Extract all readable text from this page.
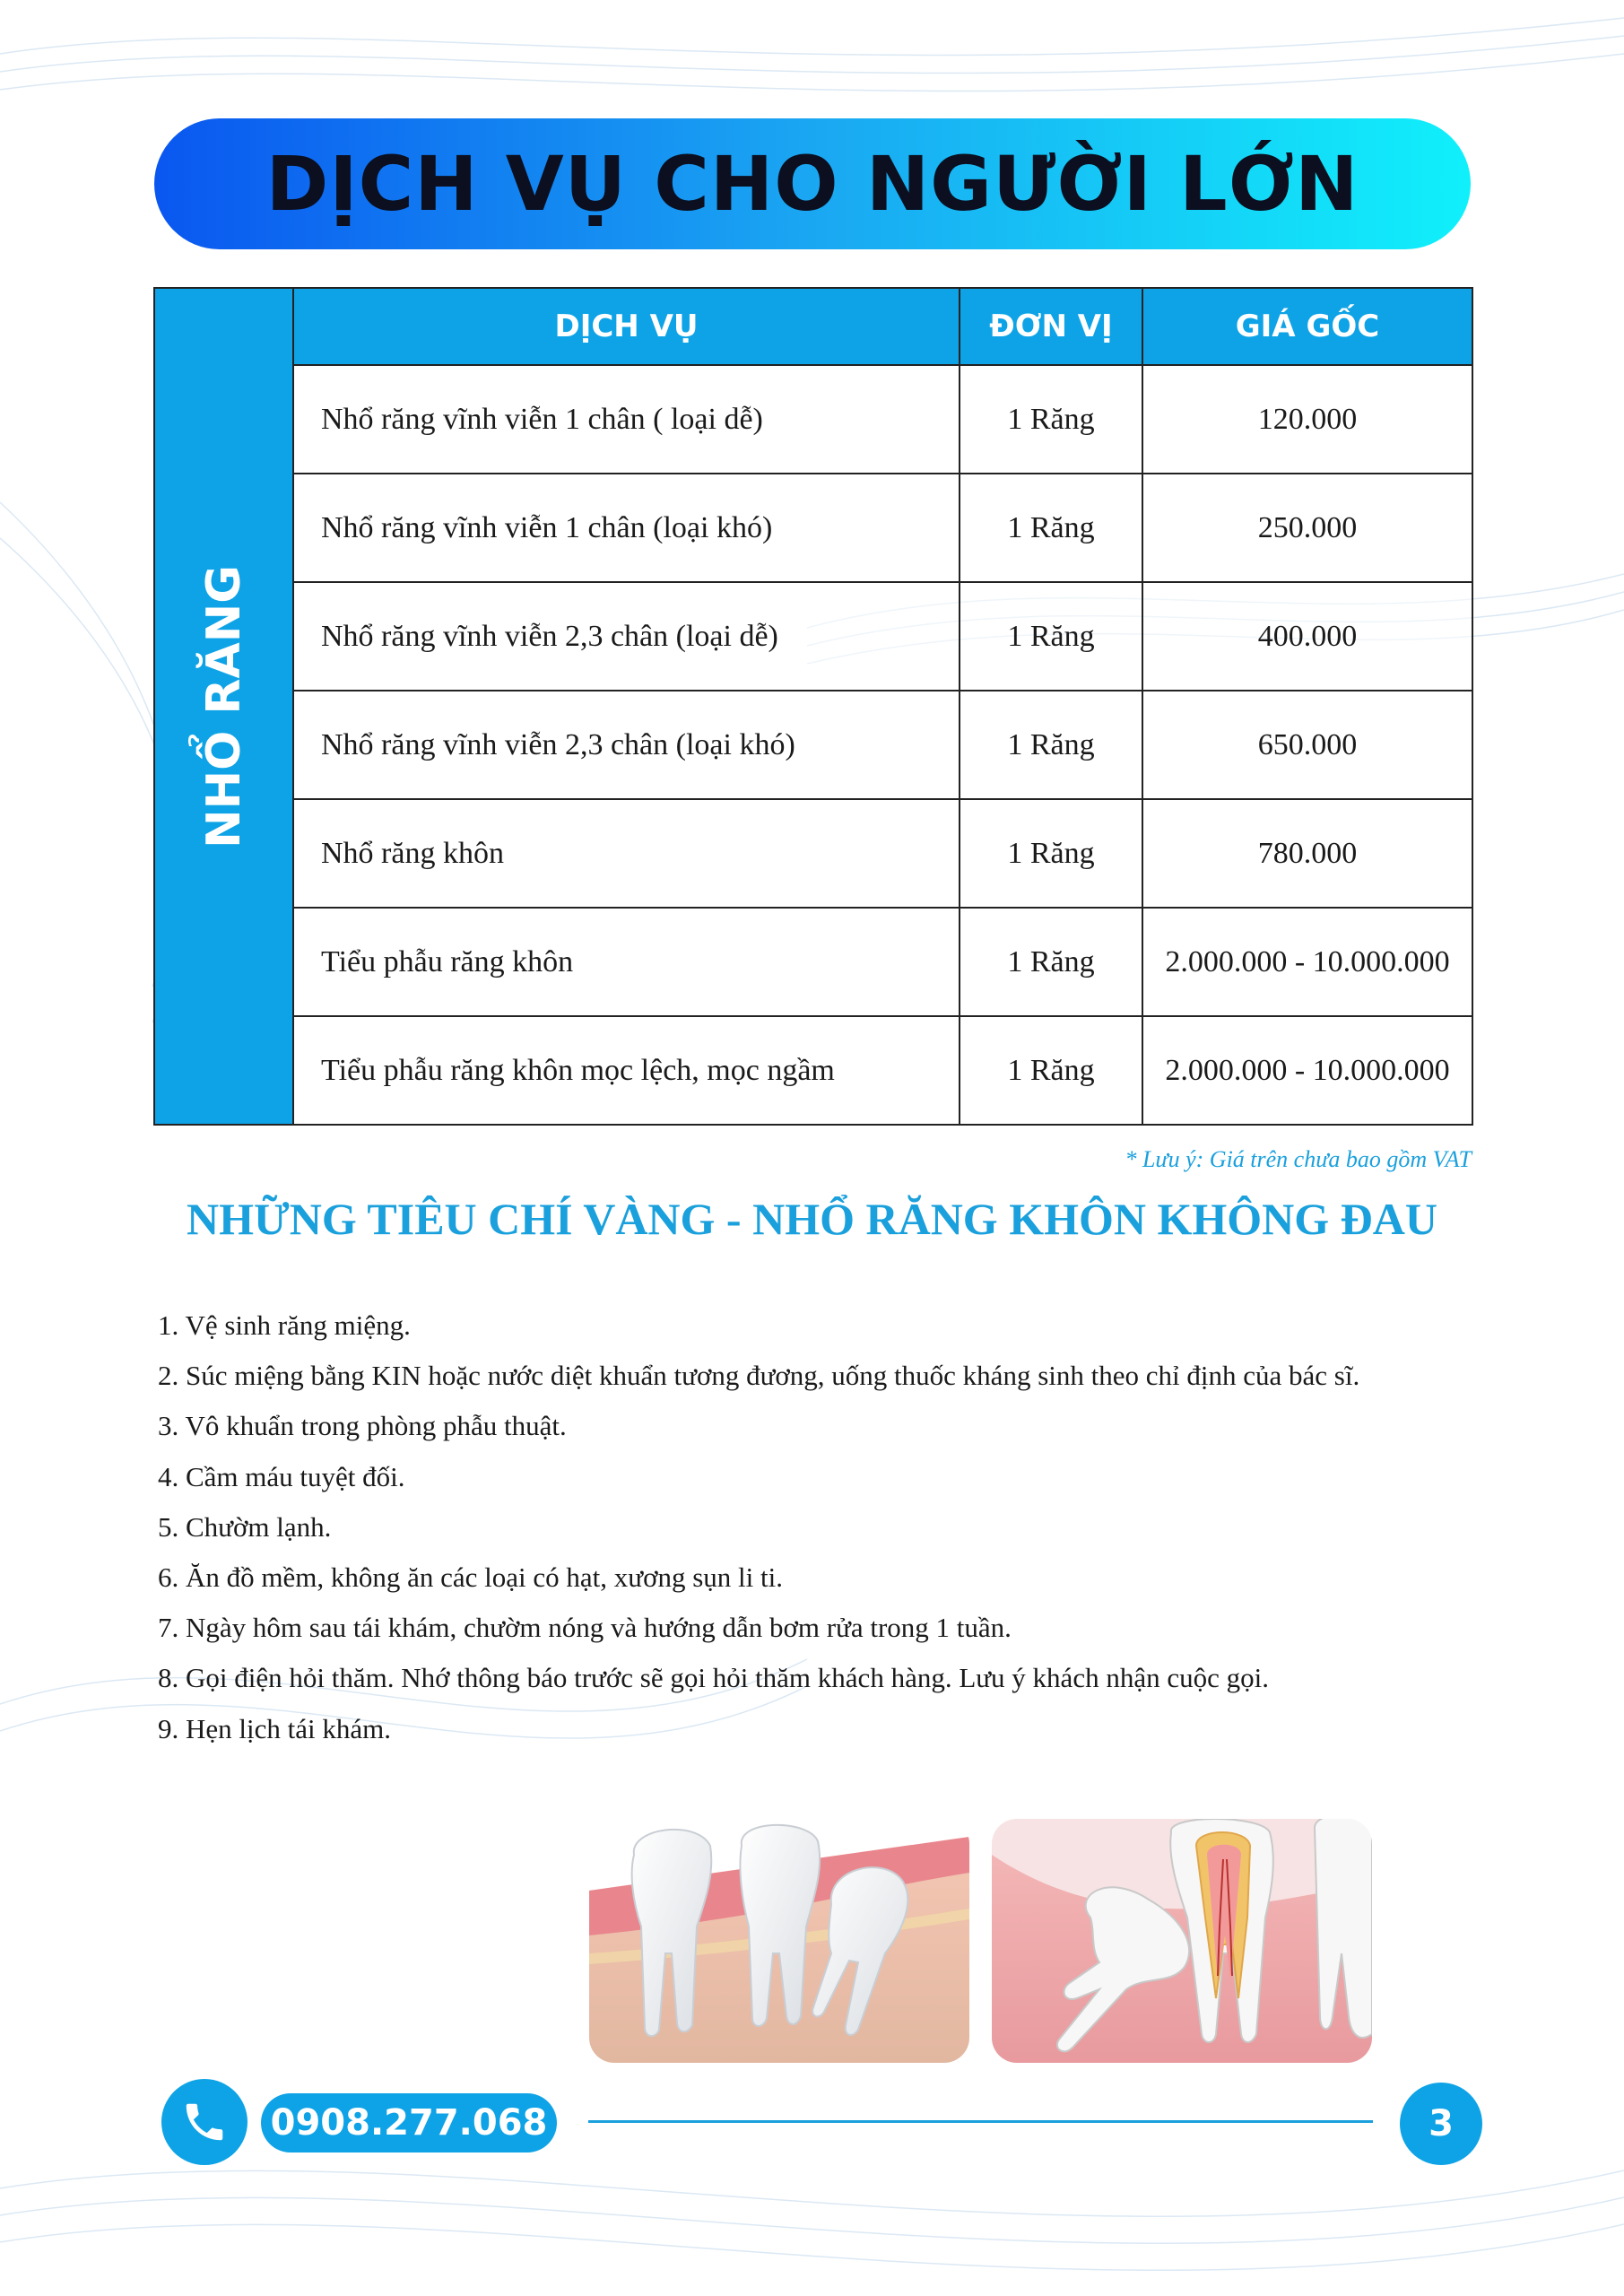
DỊCH VỤ CHO NGƯỜI LỚN
NHỔ RĂNG	DỊCH VỤ	ĐƠN VỊ	GIÁ GỐC
	Nhổ răng vĩnh viễn 1 chân ( loại dễ)	1 Răng	120.000
	Nhổ răng vĩnh viễn 1 chân (loại khó)	1 Răng	250.000
	Nhổ răng vĩnh viễn 2,3 chân (loại dễ)	1 Răng	400.000
	Nhổ răng vĩnh viễn 2,3 chân (loại khó)	1 Răng	650.000
	Nhổ răng khôn	1 Răng	780.000
	Tiểu phẫu răng khôn	1 Răng	2.000.000 - 10.000.000
	Tiểu phẫu răng khôn mọc lệch, mọc ngầm	1 Răng	2.000.000 - 10.000.000
* Lưu ý: Giá trên chưa bao gồm VAT
NHỮNG TIÊU CHÍ VÀNG - NHỔ RĂNG KHÔN KHÔNG ĐAU
1. Vệ sinh răng miệng.
2. Súc miệng bằng KIN hoặc nước diệt khuẩn tương đương, uống thuốc kháng sinh theo chỉ định của bác sĩ.
3. Vô khuẩn trong phòng phẫu thuật.
4. Cầm máu tuyệt đối.
5. Chườm lạnh.
6. Ăn đồ mềm, không ăn các loại có hạt, xương sụn li ti.
7. Ngày hôm sau tái khám, chườm nóng và hướng dẫn bơm rửa trong 1 tuần.
8. Gọi điện hỏi thăm. Nhớ thông báo trước sẽ gọi hỏi thăm khách hàng. Lưu ý khách nhận cuộc gọi.
9. Hẹn lịch tái khám.
0908.277.068	3
